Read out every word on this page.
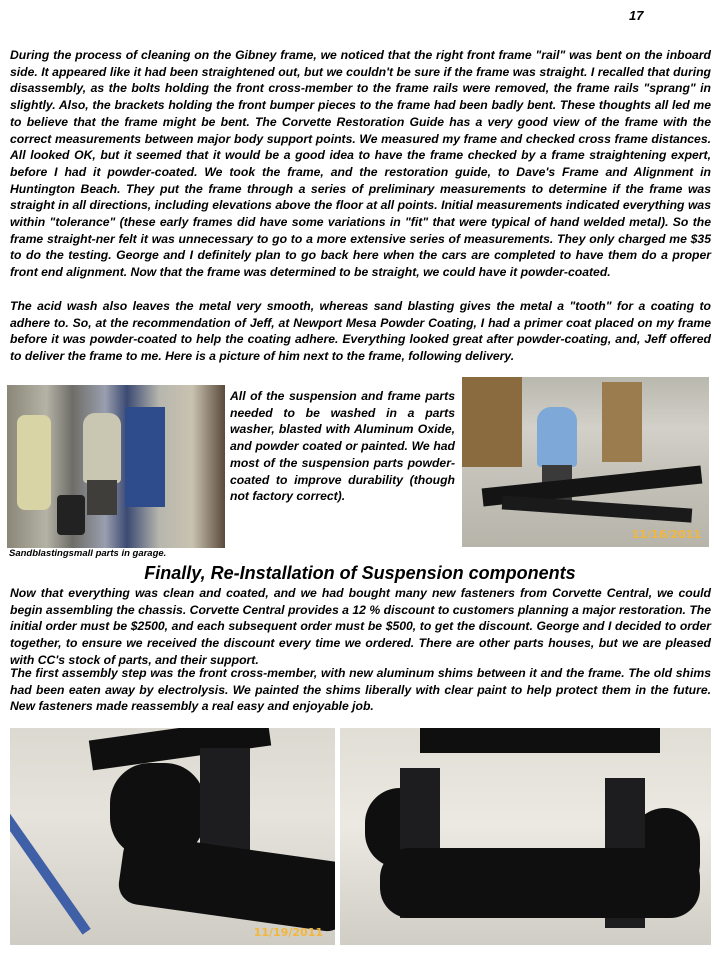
17

During the process of cleaning on the Gibney frame, we noticed that the right front frame "rail" was bent on the inboard side. It appeared like it had been straightened out, but we couldn't be sure if the frame was straight. I recalled that during disassembly, as the bolts holding the front cross-member to the frame rails were removed, the frame rails "sprang" in slightly. Also, the brackets holding the front bumper pieces to the frame had been badly bent. These thoughts all led me to believe that the frame might be bent. The Corvette Restoration Guide has a very good view of the frame with the correct measurements between major body support points. We measured my frame and checked cross frame distances. All looked OK, but it seemed that it would be a good idea to have the frame checked by a frame straightening expert, before I had it powder-coated. We took the frame, and the restoration guide, to Dave's Frame and Alignment in Huntington Beach. They put the frame through a series of preliminary measurements to determine if the frame was straight in all directions, including elevations above the floor at all points. Initial measurements indicated everything was within "tolerance" (these early frames did have some variations in "fit" that were typical of hand welded metal). So the frame straight-ner felt it was unnecessary to go to a more extensive series of measurements. They only charged me $35 to do the testing. George and I definitely plan to go back here when the cars are completed to have them do a proper front end alignment. Now that the frame was determined to be straight, we could have it powder-coated.

The acid wash also leaves the metal very smooth, whereas sand blasting gives the metal a "tooth" for a coating to adhere to. So, at the recommendation of Jeff, at Newport Mesa Powder Coating, I had a primer coat placed on my frame before it was powder-coated to help the coating adhere. Everything looked great after powder-coating, and, Jeff offered to deliver the frame to me. Here is a picture of him next to the frame, following delivery.

All of the suspension and frame parts needed to be washed in a parts washer, blasted with Aluminum Oxide, and powder coated or painted. We had most of the suspension parts powder-coated to improve durability (though not factory correct).

11/16/2011
Sandblastingsmall parts in garage.
Finally, Re-Installation of Suspension components

Now that everything was clean and coated, and we had bought many new fasteners from Corvette Central, we could begin assembling the chassis. Corvette Central provides a 12 % discount to customers planning a major restoration. The initial order must be $2500, and each subsequent order must be $500, to get the discount. George and I decided to order together, to ensure we received the discount every time we ordered. There are other parts houses, but we are pleased with CC's stock of parts, and their support.

The first assembly step was the front cross-member, with new aluminum shims between it and the frame. The old shims had been eaten away by electrolysis. We painted the shims liberally with clear paint to help protect them in the future. New fasteners made reassembly a real easy and enjoyable job.

11/19/2011
